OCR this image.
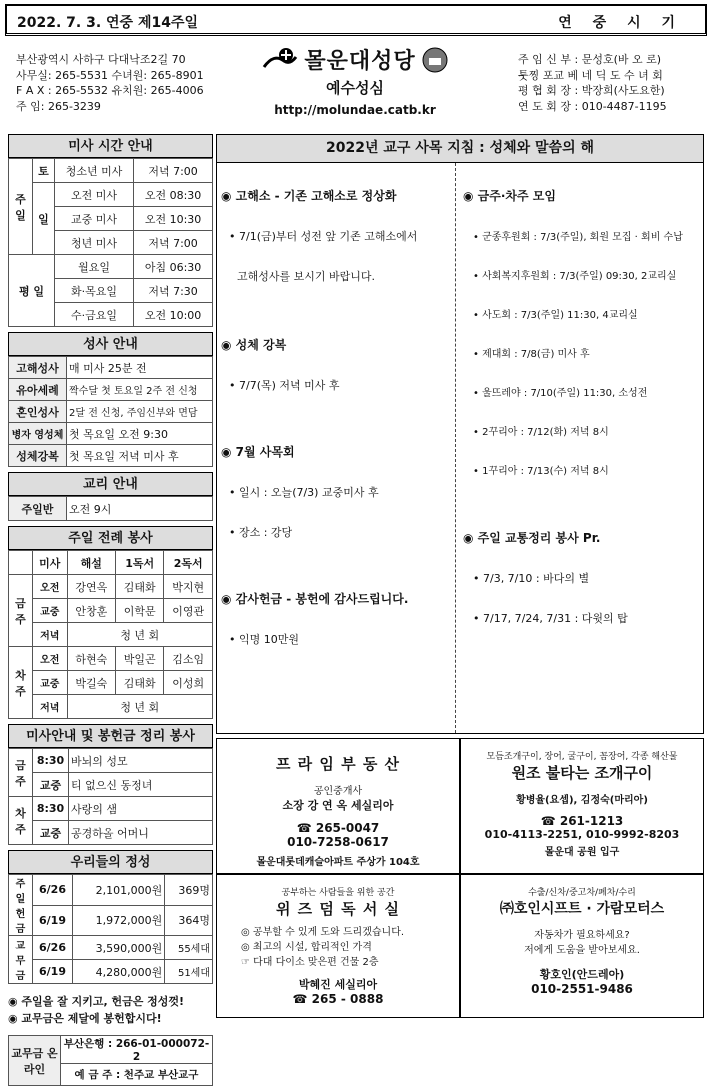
2022. 7. 3. 연중 제14주일	연 중 시 기
부산광역시 사하구 다대낙조2길 70
사무실: 265-5531 수녀원: 265-8901
F A X : 265-5532 유치원: 265-4006
주 임: 265-3239
몰운대성당
예수성심
http://molundae.catb.kr
주 임 신 부 : 문성호(바 오 로)
툿찡 포교 베 네 딕 도 수 녀 회
평 협 회 장 : 박장희(사도요한)
연 도 회 장 : 010-4487-1195
미사 시간 안내
주 일	토	청소년 미사	저녁 7:00
	일	오전 미사	오전 08:30
		교중 미사	오전 10:30
		청년 미사	저녁 7:00
평 일		월요일	아침 06:30
		화·목요일	저녁 7:30
		수·금요일	오전 10:00
성사 안내
고해성사	매 미사 25분 전
유아세례	짝수달 첫 토요일 2주 전 신청
혼인성사	2달 전 신청, 주임신부와 면담
병자 영성체	첫 목요일 오전 9:30
성체강복	첫 목요일 저녁 미사 후
교리 안내
주일반	오전 9시
주일 전례 봉사
	미사	해설	1독서	2독서
금주	오전	강연옥	김태화	박지현
	교중	안창훈	이학문	이영관
	저녁	청 년 회		
차주	오전	하현숙	박일곤	김소임
	교중	박길숙	김태화	이성희
	저녁	청 년 회		
미사안내 및 봉헌금 정리 봉사
금주	8:30	바뇌의 성모
	교중	티 없으신 동정녀
차주	8:30	사랑의 샘
	교중	공경하올 어머니
우리들의 정성
주일헌금	6/26	2,101,000원	369명
	6/19	1,972,000원	364명
교무금	6/26	3,590,000원	55세대
	6/19	4,280,000원	51세대
◉ 주일을 잘 지키고, 헌금은 정성껏!
◉ 교무금은 제달에 봉헌합시다!
교무금 온라인	부산은행 : 266-01-000072-2
예 금 주 : 천주교 부산교구
2022년 교구 사목 지침 : 성체와 말씀의 해
◉ 고해소 - 기존 고해소로 정상화
• 7/1(금)부터 성전 앞 기존 고해소에서
고해성사를 보시기 바랍니다.
◉ 성체 강복
• 7/7(목) 저녁 미사 후
◉ 7월 사목회
• 일시 : 오늘(7/3) 교중미사 후
• 장소 : 강당
◉ 감사헌금 - 봉헌에 감사드립니다.
• 익명 10만원
◉ 금주·차주 모임
• 군종후원회 : 7/3(주일), 회원 모집 · 회비 수납
• 사회복지후원회 : 7/3(주일) 09:30, 2교리실
• 사도회 : 7/3(주일) 11:30, 4교리실
• 제대회 : 7/8(금) 미사 후
• 울뜨레야 : 7/10(주일) 11:30, 소성전
• 2꾸리아 : 7/12(화) 저녁 8시
• 1꾸리아 : 7/13(수) 저녁 8시
◉ 주일 교통정리 봉사 Pr.
• 7/3, 7/10 : 바다의 별
• 7/17, 7/24, 7/31 : 다윗의 탑
프 라 임 부 동 산
공인중개사
소장 강 연 옥 세실리아
☎ 265-0047
010-7258-0617
몰운대롯데캐슬아파트 주상가 104호
모듬조개구이, 장어, 굴구이, 꼼장어, 각종 해산물
원조 불타는 조개구이
황병율(요셉), 김정숙(마리아)
☎ 261-1213
010-4113-2251, 010-9992-8203
몰운대 공원 입구
공부하는 사람들을 위한 공간
위 즈 덤 독 서 실
◎ 공부할 수 있게 도와 드리겠습니다.
◎ 최고의 시설, 합리적인 가격
☞ 다대 다이소 맞은편 건물 2층
박혜진 세실리아
☎ 265 - 0888
수출/신차/중고차/폐차/수리
㈜호인시프트 · 가람모터스
자동차가 필요하세요?
저에게 도움을 받아보세요.
황호인(안드레아)
010-2551-9486
